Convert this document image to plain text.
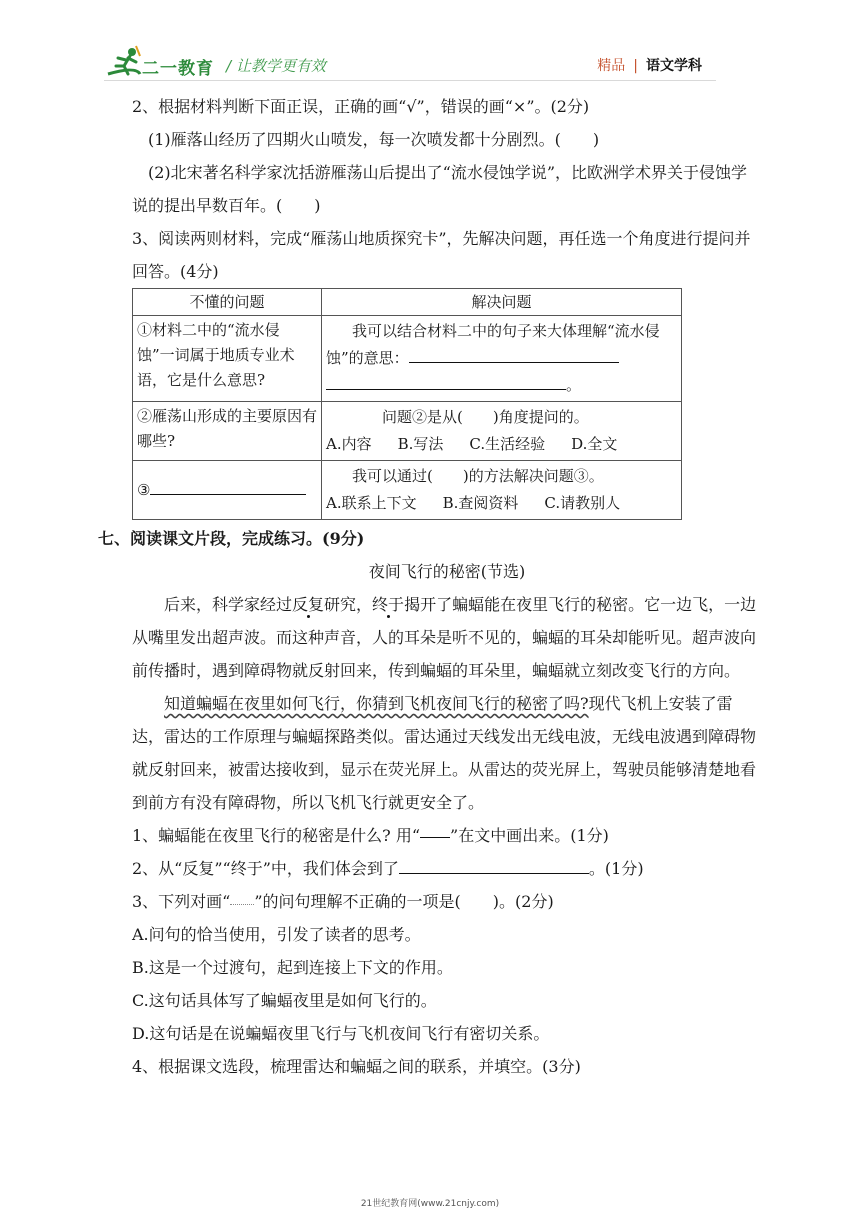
二一教育 / 让教学更有效	精品 | 语文学科

2、根据材料判断下面正误，正确的画“√”，错误的画“×”。(2分)

(1)雁落山经历了四期火山喷发，每一次喷发都十分剧烈。(　　)

(2)北宋著名科学家沈括游雁荡山后提出了“流水侵蚀学说”，比欧洲学术界关于侵蚀学说的提出早数百年。(　　)

3、阅读两则材料，完成“雁荡山地质探究卡”，先解决问题，再任选一个角度进行提问并回答。(4分)

不懂的问题	解决问题
①材料二中的“流水侵蚀”一词属于地质专业术语，它是什么意思?	我可以结合材料二中的句子来大体理解“流水侵蚀”的意思：
。
②雁荡山形成的主要原因有哪些?	问题②是从(　　)角度提问的。
A.内容 B.写法 C.生活经验 D.全文

③	我可以通过(　　)的方法解决问题③。
A.联系上下文 B.查阅资料 C.请教别人

七、阅读课文片段，完成练习。(9分)

夜间飞行的秘密(节选)

后来，科学家经过反复研究，终于揭开了蝙蝠能在夜里飞行的秘密。它一边飞，一边从嘴里发出超声波。而这种声音，人的耳朵是听不见的，蝙蝠的耳朵却能听见。超声波向前传播时，遇到障碍物就反射回来，传到蝙蝠的耳朵里，蝙蝠就立刻改变飞行的方向。

知道蝙蝠在夜里如何飞行，你猜到飞机夜间飞行的秘密了吗?现代飞机上安装了雷达，雷达的工作原理与蝙蝠探路类似。雷达通过天线发出无线电波，无线电波遇到障碍物就反射回来，被雷达接收到，显示在荧光屏上。从雷达的荧光屏上，驾驶员能够清楚地看到前方有没有障碍物，所以飞机飞行就更安全了。

1、蝙蝠能在夜里飞行的秘密是什么? 用“ ”在文中画出来。(1分)

2、从“反复”“终于”中，我们体会到了	。(1分)

3、下列对画“ ”的问句理解不正确的一项是(　　)。(2分)

A.问句的恰当使用，引发了读者的思考。

B.这是一个过渡句，起到连接上下文的作用。

C.这句话具体写了蝙蝠夜里是如何飞行的。

D.这句话是在说蝙蝠夜里飞行与飞机夜间飞行有密切关系。

4、根据课文选段，梳理雷达和蝙蝠之间的联系，并填空。(3分)

21世纪教育网(www.21cnjy.com)
